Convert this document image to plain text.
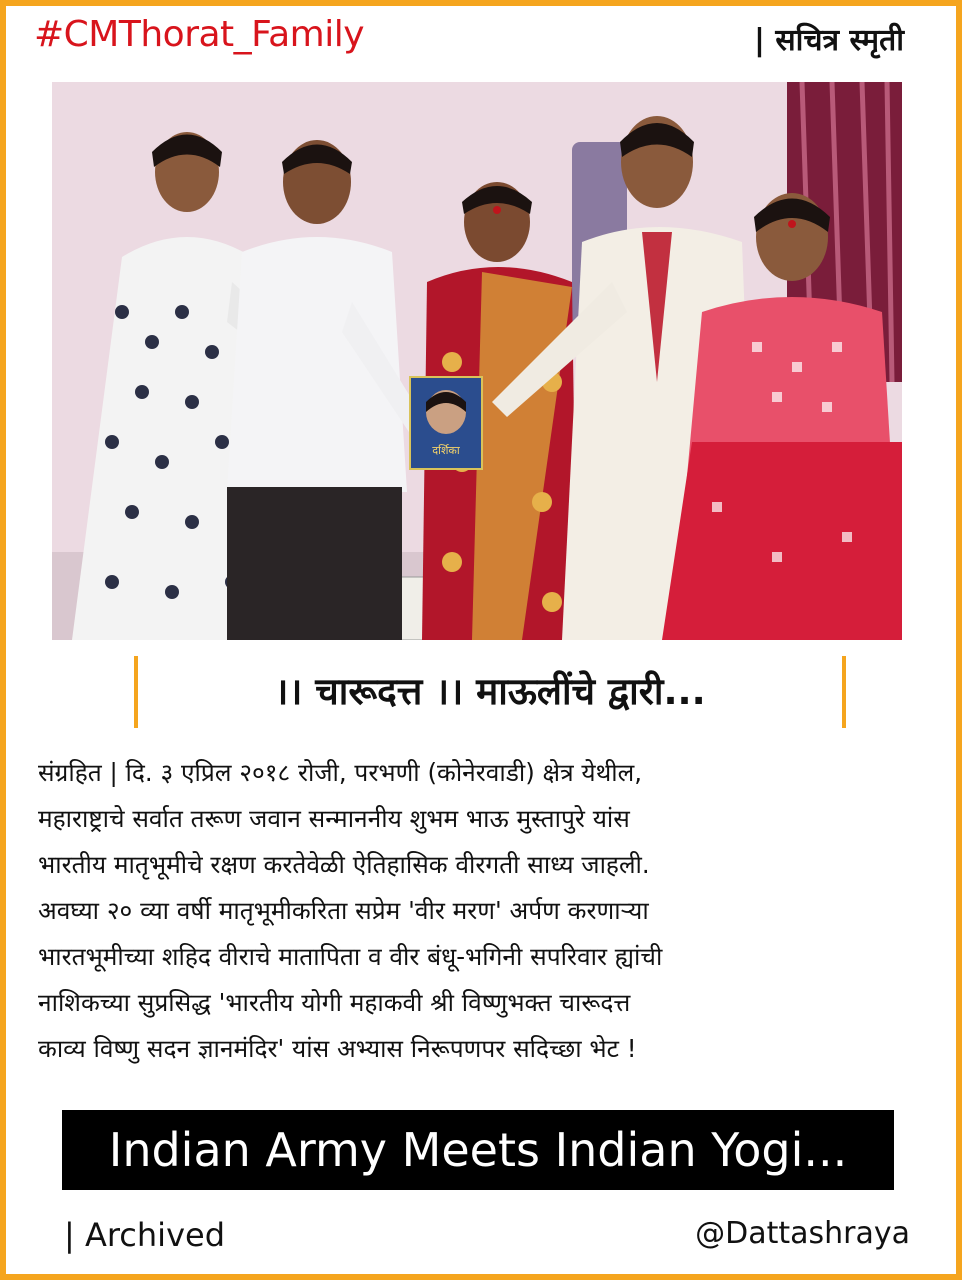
#CMThorat_Family	| सचित्र स्मृती
दर्शिका
।। चारूदत्त ।। माऊलींचे द्वारी...
संग्रहित | दि. ३ एप्रिल २०१८ रोजी, परभणी (कोनेरवाडी) क्षेत्र येथील,
महाराष्ट्राचे सर्वात तरूण जवान सन्माननीय शुभम भाऊ मुस्तापुरे यांस
भारतीय मातृभूमीचे रक्षण करतेवेळी ऐतिहासिक वीरगती साध्य जाहली.
अवघ्या २० व्या वर्षी मातृभूमीकरिता सप्रेम 'वीर मरण' अर्पण करणाऱ्या
भारतभूमीच्या शहिद वीराचे मातापिता व वीर बंधू-भगिनी सपरिवार ह्यांची
नाशिकच्या सुप्रसिद्ध 'भारतीय योगी महाकवी श्री विष्णुभक्त चारूदत्त
काव्य विष्णु सदन ज्ञानमंदिर' यांस अभ्यास निरूपणपर सदिच्छा भेट !
Indian Army Meets Indian Yogi...
| Archived	@Dattashraya
